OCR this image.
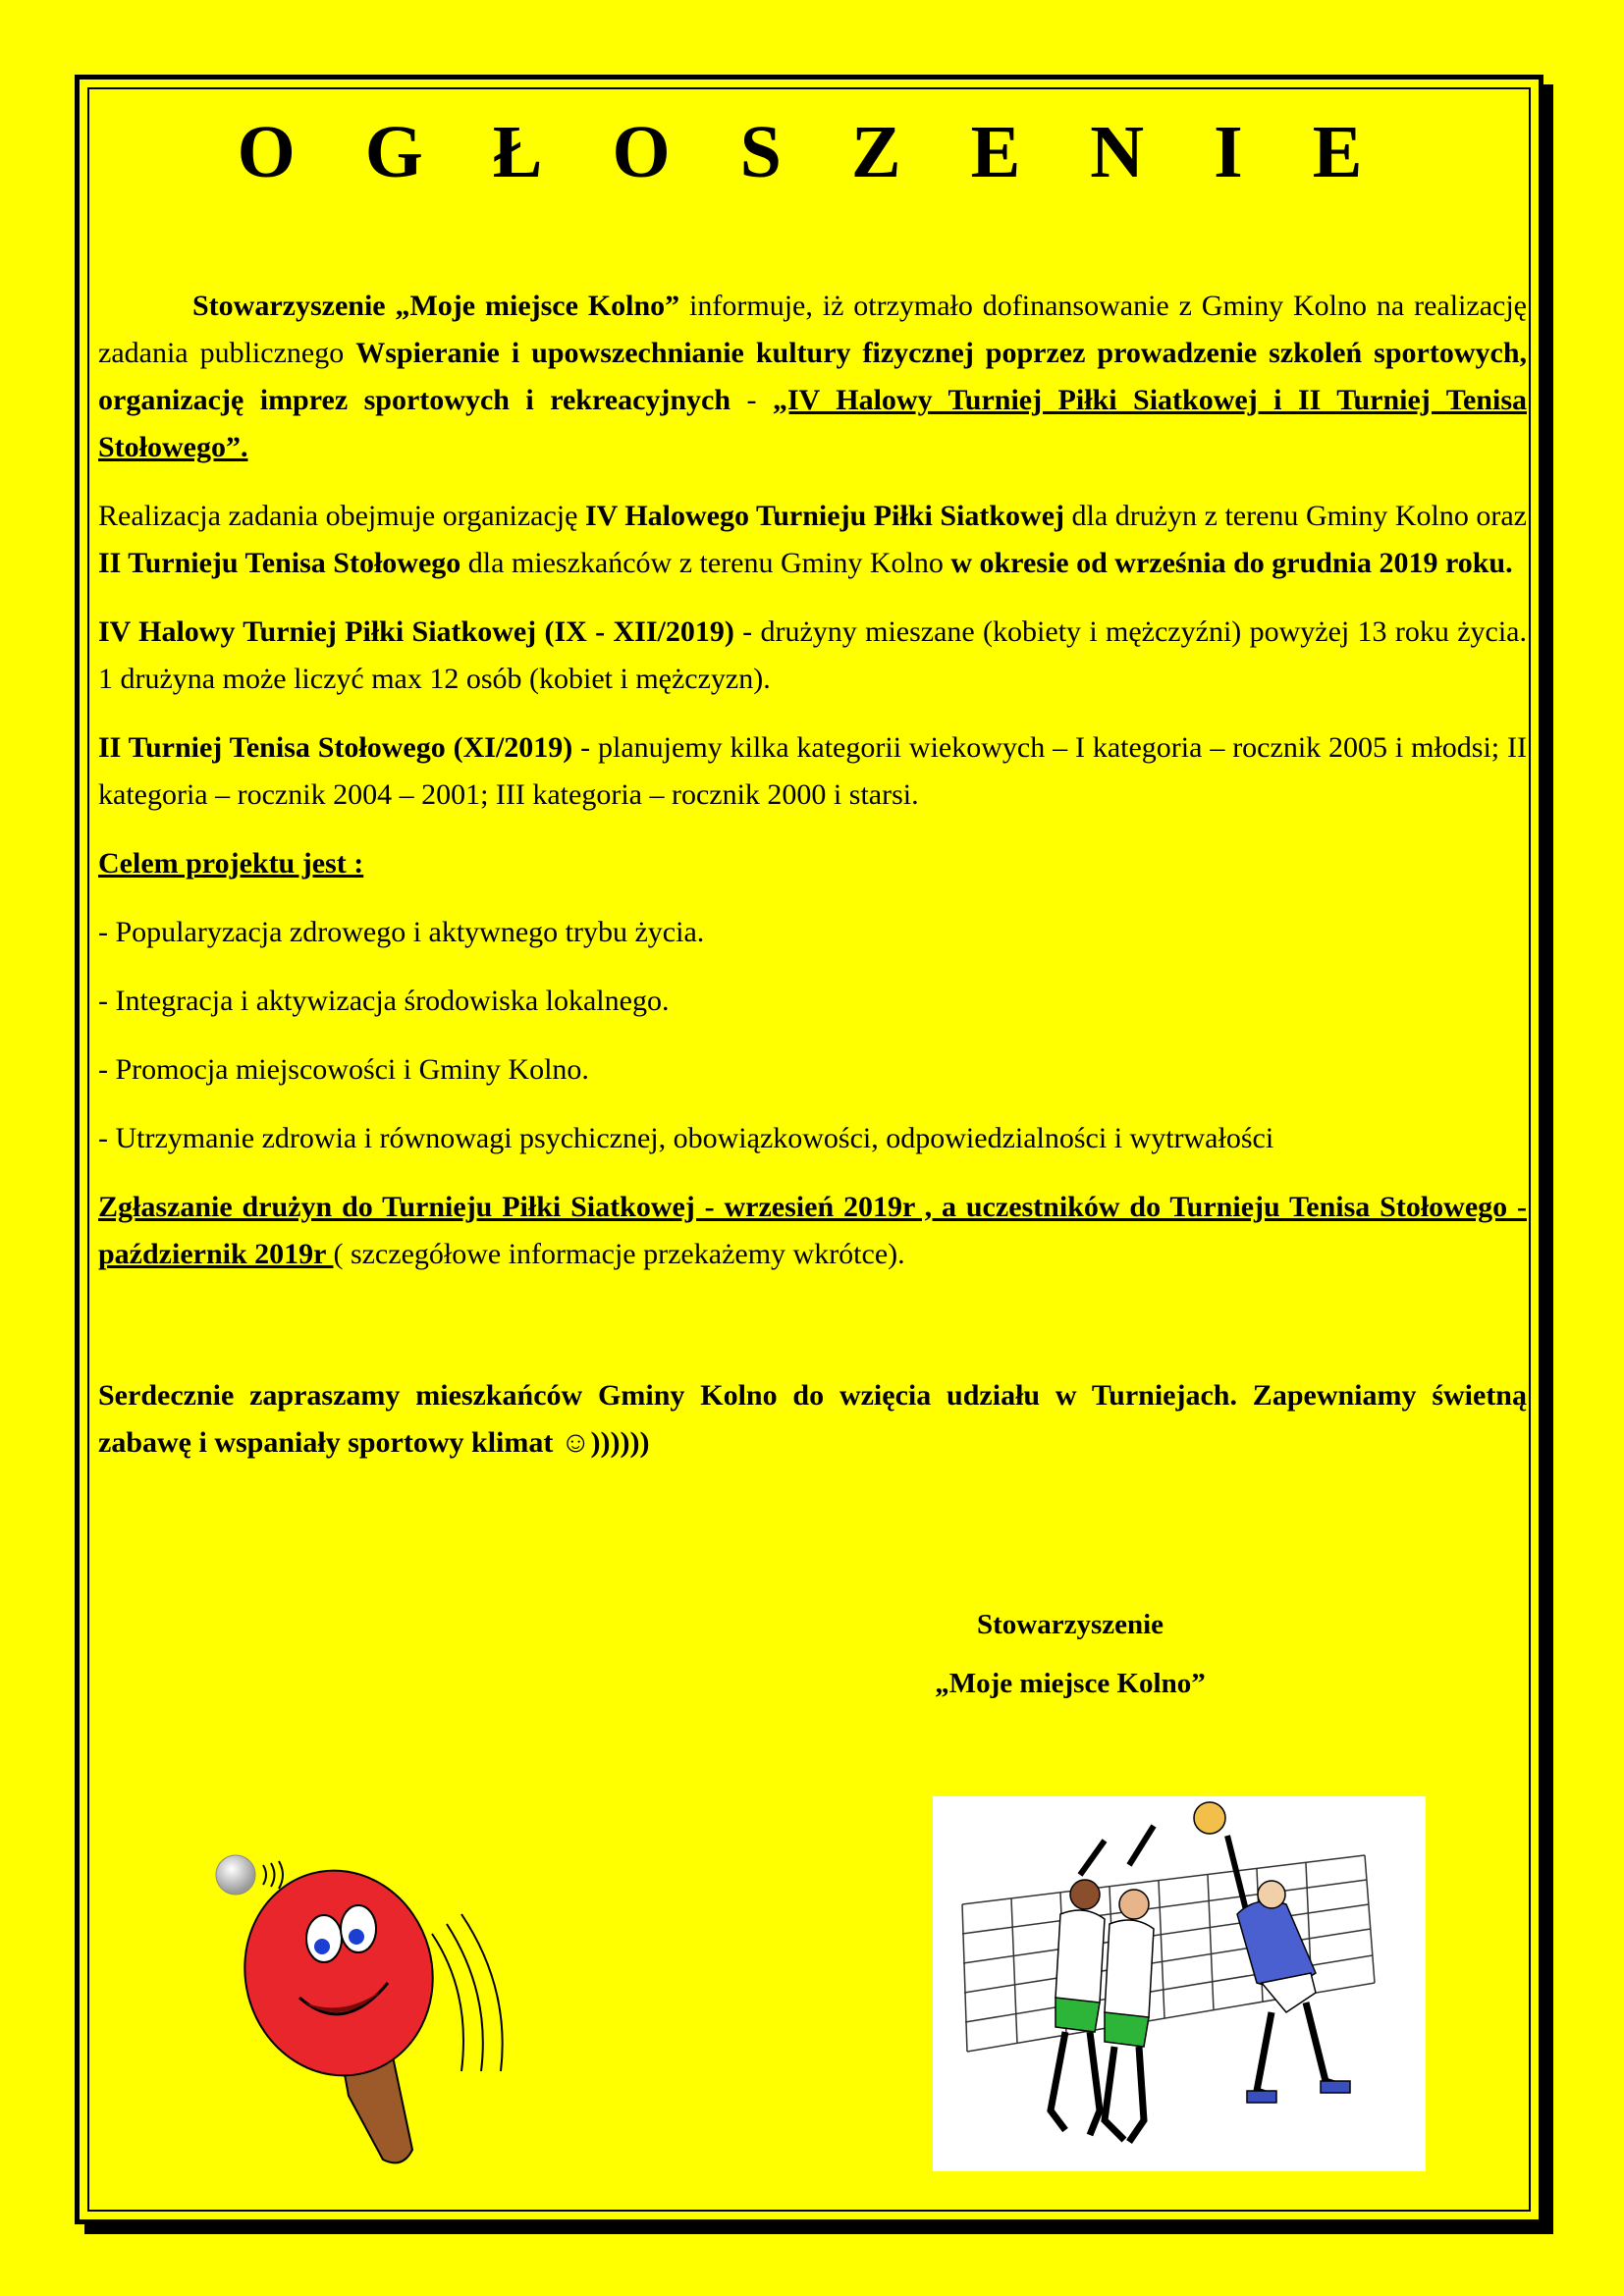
O G Ł O S Z E N I E

Stowarzyszenie „Moje miejsce Kolno” informuje, iż otrzymało dofinansowanie z Gminy Kolno na realizację zadania publicznego Wspieranie i upowszechnianie kultury fizycznej poprzez prowadzenie szkoleń sportowych, organizację imprez sportowych i rekreacyjnych - „IV Halowy Turniej Piłki Siatkowej i II Turniej Tenisa Stołowego”.

Realizacja zadania obejmuje organizację IV Halowego Turnieju Piłki Siatkowej dla drużyn z terenu Gminy Kolno oraz II Turnieju Tenisa Stołowego dla mieszkańców z terenu Gminy Kolno w okresie od września do grudnia 2019 roku.

IV Halowy Turniej Piłki Siatkowej (IX - XII/2019) - drużyny mieszane (kobiety i mężczyźni) powyżej 13 roku życia. 1 drużyna może liczyć max 12 osób (kobiet i mężczyzn).

II Turniej Tenisa Stołowego (XI/2019) - planujemy kilka kategorii wiekowych – I kategoria – rocznik 2005 i młodsi; II kategoria – rocznik 2004 – 2001; III kategoria – rocznik 2000 i starsi.

Celem projektu jest :

- Popularyzacja zdrowego i aktywnego trybu życia.
- Integracja i aktywizacja środowiska lokalnego.
- Promocja miejscowości i Gminy Kolno.
- Utrzymanie zdrowia i równowagi psychicznej, obowiązkowości, odpowiedzialności i wytrwałości

Zgłaszanie drużyn do Turnieju Piłki Siatkowej - wrzesień 2019r , a uczestników do Turnieju Tenisa Stołowego - październik 2019r ( szczegółowe informacje przekażemy wkrótce).

Serdecznie zapraszamy mieszkańców Gminy Kolno do wzięcia udziału w Turniejach. Zapewniamy świetną zabawę i wspaniały sportowy klimat ☺))))))

Stowarzyszenie
„Moje miejsce Kolno”
